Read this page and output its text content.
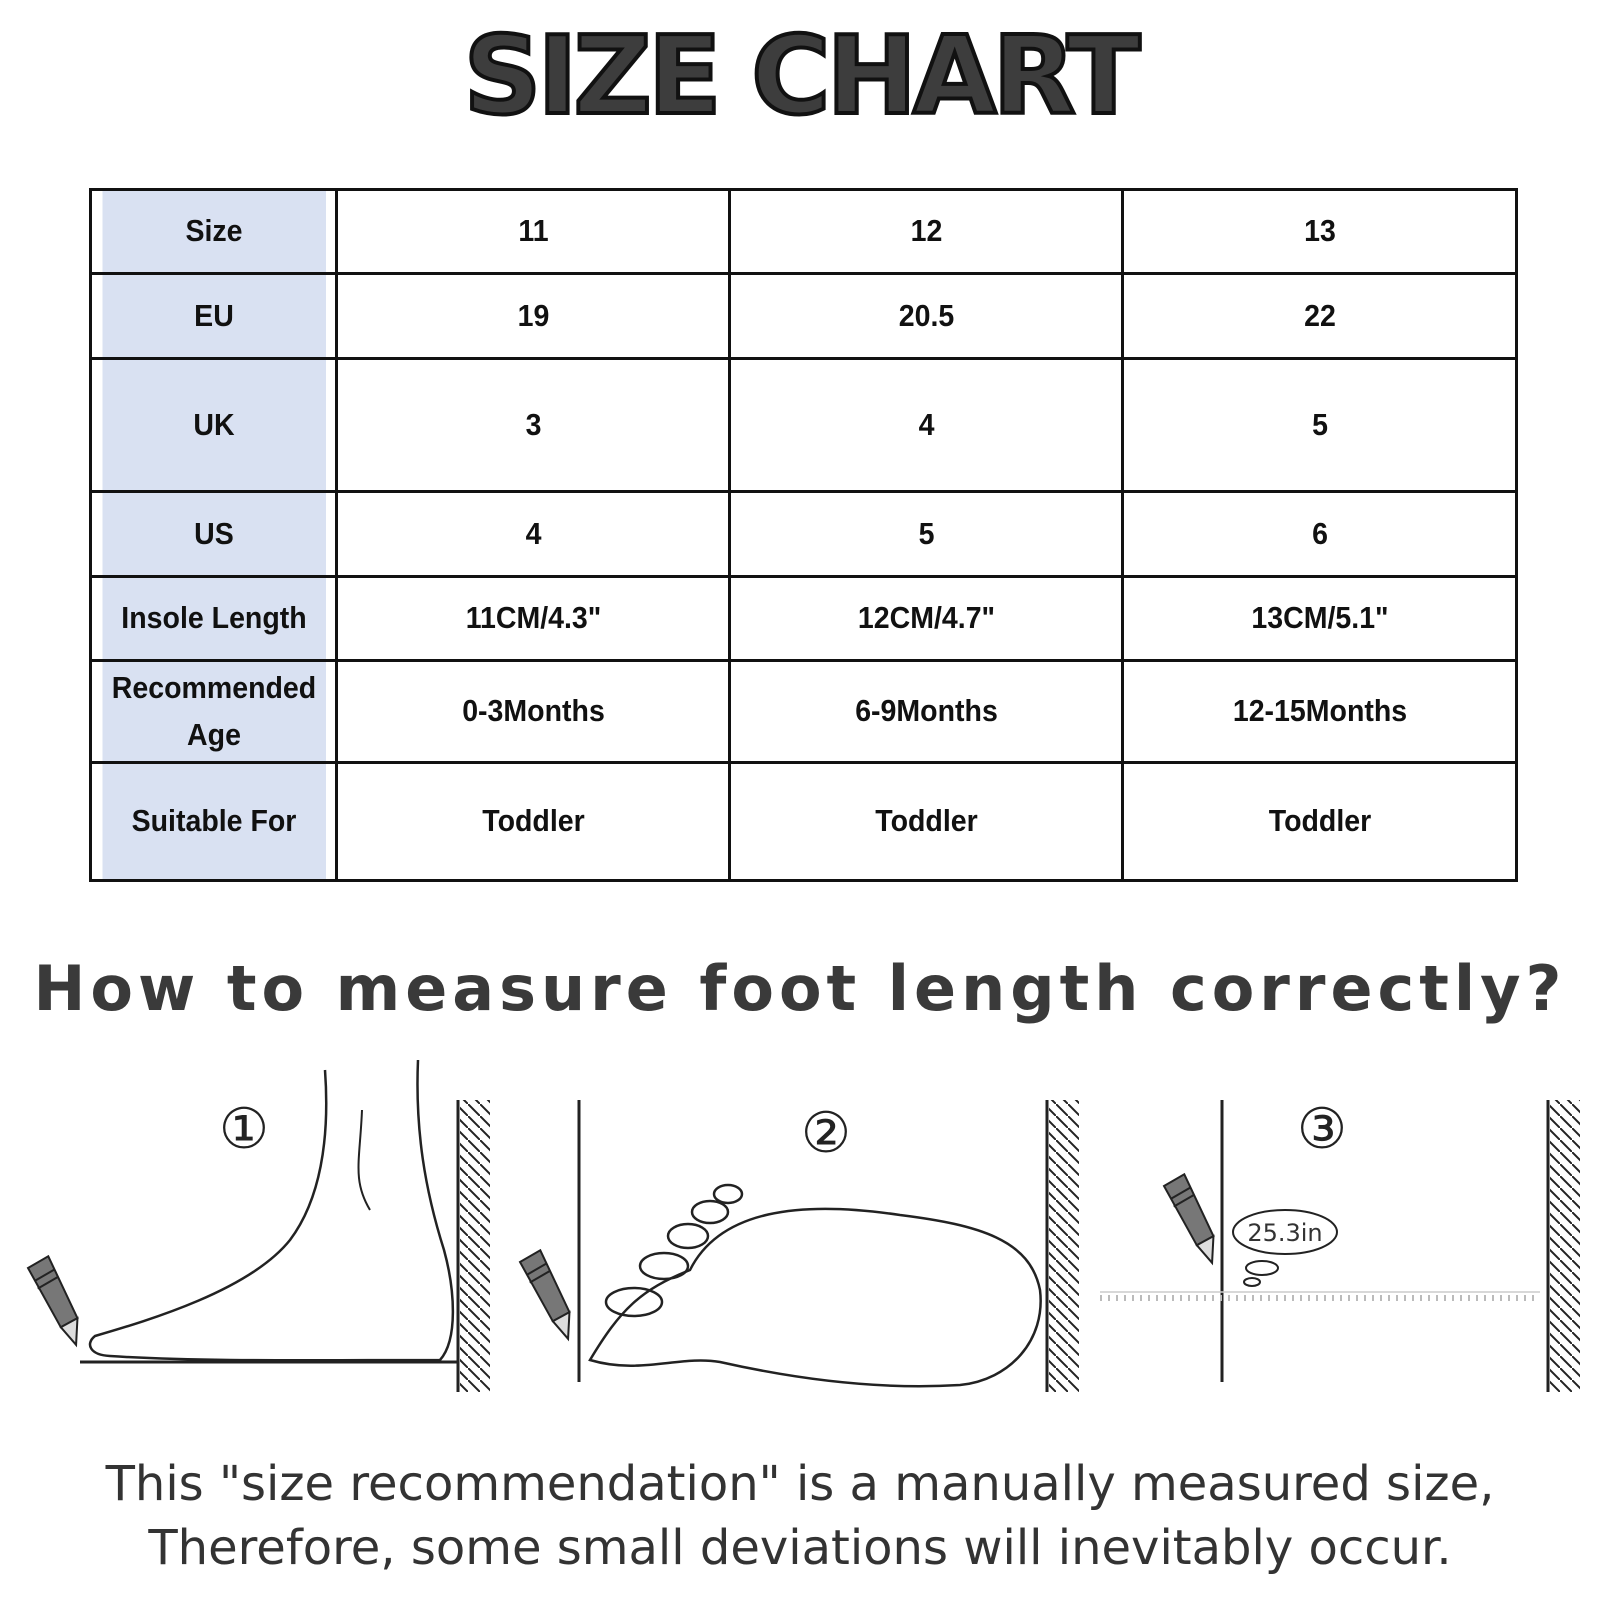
SIZE CHART
Size	11	12	13
EU	19	20.5	22
UK	3	4	5
US	4	5	6
Insole Length	11CM/4.3"	12CM/4.7"	13CM/5.1"
Recommended Age	0-3Months	6-9Months	12-15Months
Suitable For	Toddler	Toddler	Toddler
How to measure foot length correctly?
①	②	③
25.3in
This "size recommendation" is a manually measured size,
Therefore, some small deviations will inevitably occur.
